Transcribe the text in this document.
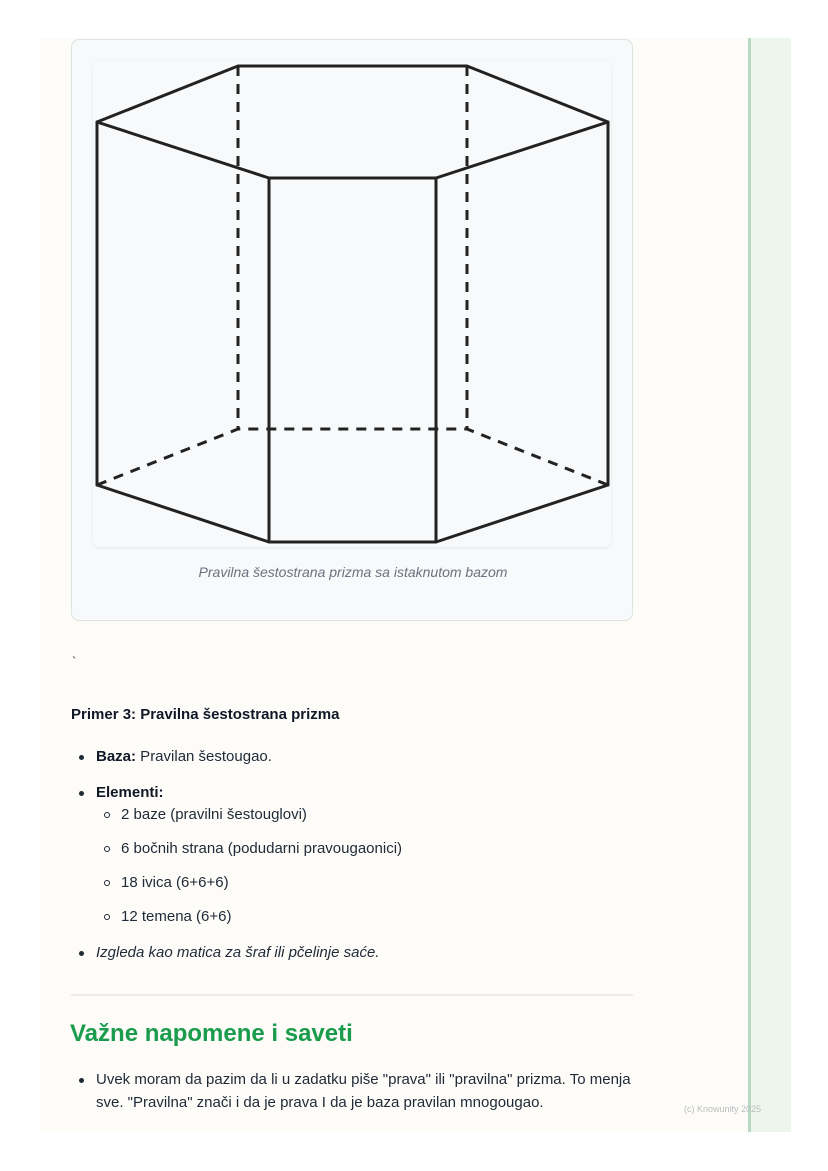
Pravilna šestostrana prizma sa istaknutom bazom
`
Primer 3: Pravilna šestostrana prizma
Baza: Pravilan šestougao.
Elementi:
2 baze (pravilni šestouglovi)
6 bočnih strana (podudarni pravougaonici)
18 ivica (6+6+6)
12 temena (6+6)
Izgleda kao matica za šraf ili pčelinje saće.
Važne napomene i saveti
Uvek moram da pazim da li u zadatku piše "prava" ili "pravilna" prizma. To menja sve. "Pravilna" znači i da je prava I da je baza pravilan mnogougao.	(c) Knowunity 2025
